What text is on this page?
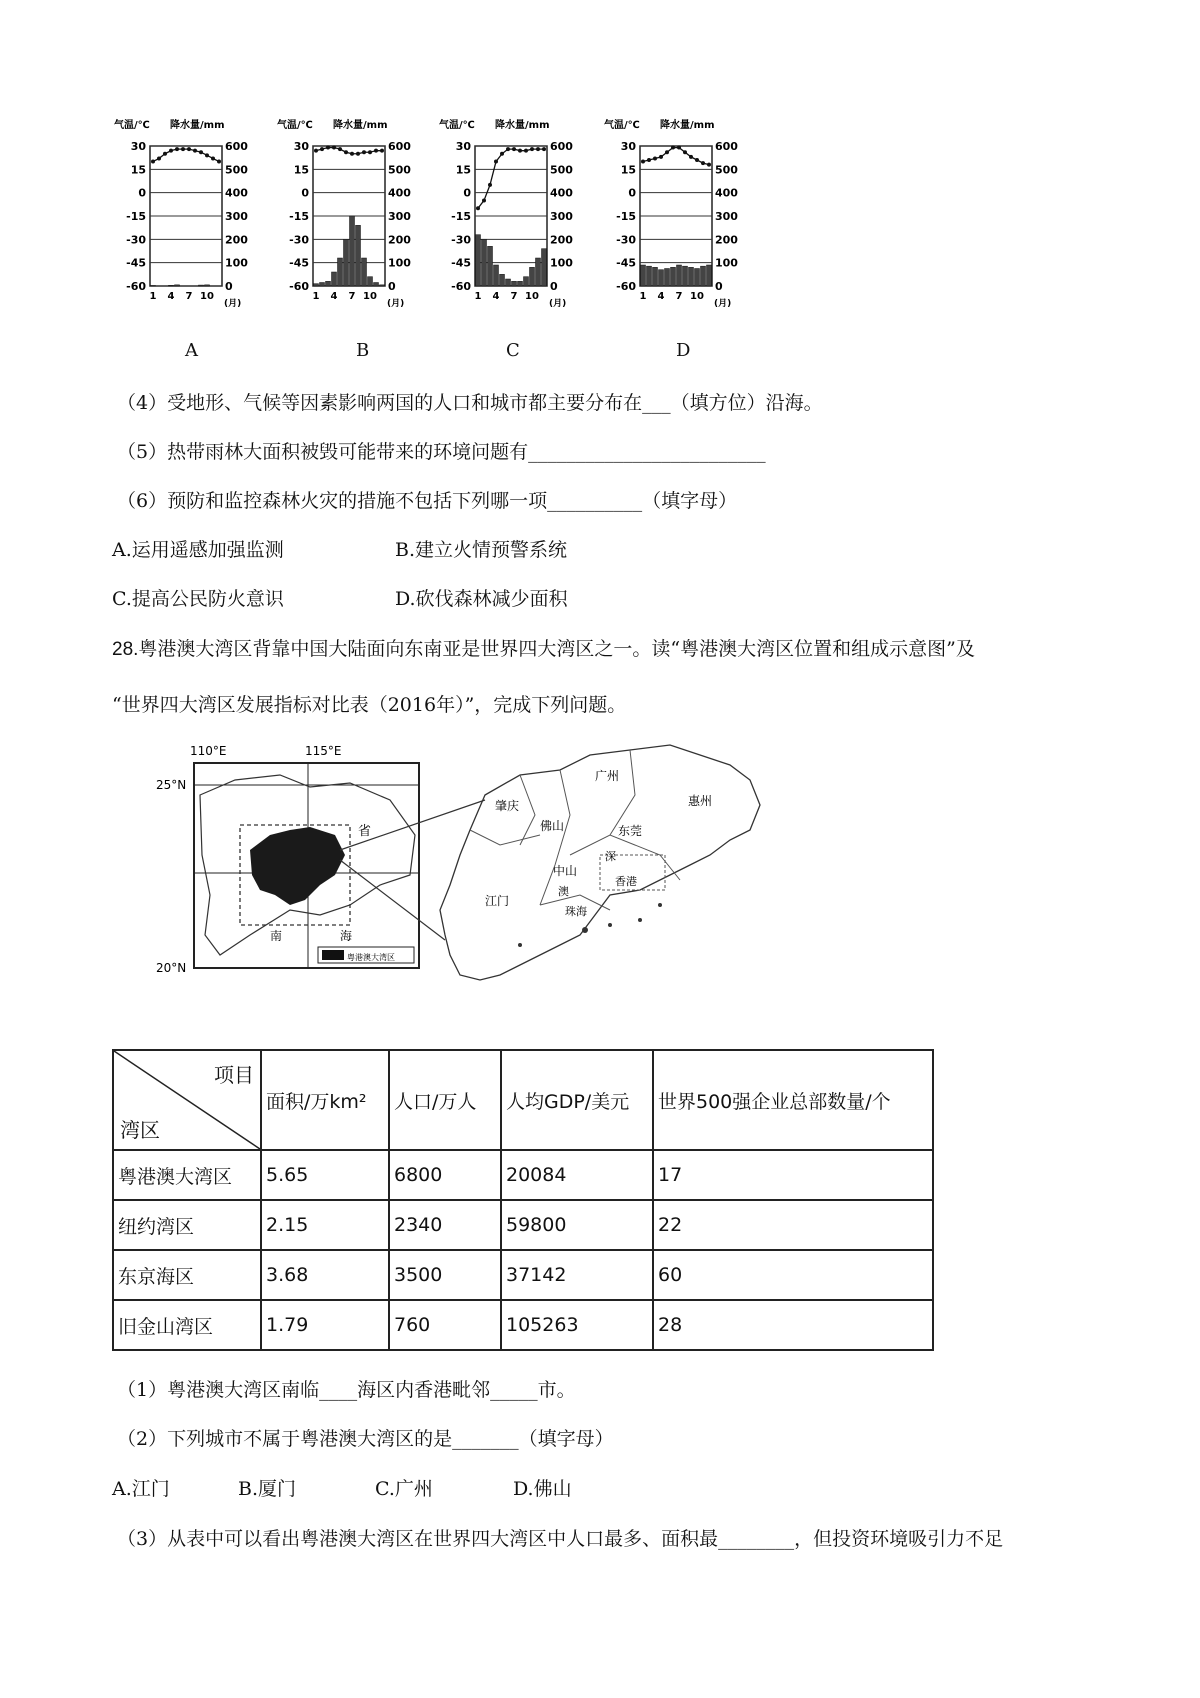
30	600
15	500
0	400
-15	300
-30	200
-45	100
-60	0
气温/℃ 降水量/mm
1 4 7 10
(月)
30	600
15	500
0	400
-15	300
-30	200
-45	100
-60	0
气温/℃ 降水量/mm
1 4 7 10
(月)
30	600
15	500
0	400
-15	300
-30	200
-45	100
-60	0
气温/℃ 降水量/mm
1 4 7 10
(月)
30	600
15	500
0	400
-15	300
-30	200
-45	100
-60	0
气温/℃ 降水量/mm
1 4 7 10
(月)
A	B	C	D
（4）受地形、气候等因素影响两国的人口和城市都主要分布在___（填方位）沿海。
（5）热带雨林大面积被毁可能带来的环境问题有_________________________
（6）预防和监控森林火灾的措施不包括下列哪一项__________（填字母）
A.运用遥感加强监测	B.建立火情预警系统
C.提高公民防火意识	D.砍伐森林减少面积
28.粤港澳大湾区背靠中国大陆面向东南亚是世界四大湾区之一。读“粤港澳大湾区位置和组成示意图”及
“世界四大湾区发展指标对比表（2016年）”，完成下列问题。
粤港澳大湾区
110°E	115°E
25°N
20°N
省
南	海
广州
肇庆	惠州
佛山	东莞
中山
深
江门
澳
珠海
香港
项目
湾区	面积/万km²	人口/万人	人均GDP/美元	世界500强企业总部数量/个
粤港澳大湾区	5.65	6800	20084	17
纽约湾区	2.15	2340	59800	22
东京海区	3.68	3500	37142	60
旧金山湾区	1.79	760	105263	28
（1）粤港澳大湾区南临____海区内香港毗邻_____市。
（2）下列城市不属于粤港澳大湾区的是_______（填字母）
A.江门	B.厦门	C.广州	D.佛山
（3）从表中可以看出粤港澳大湾区在世界四大湾区中人口最多、面积最________，但投资环境吸引力不足
